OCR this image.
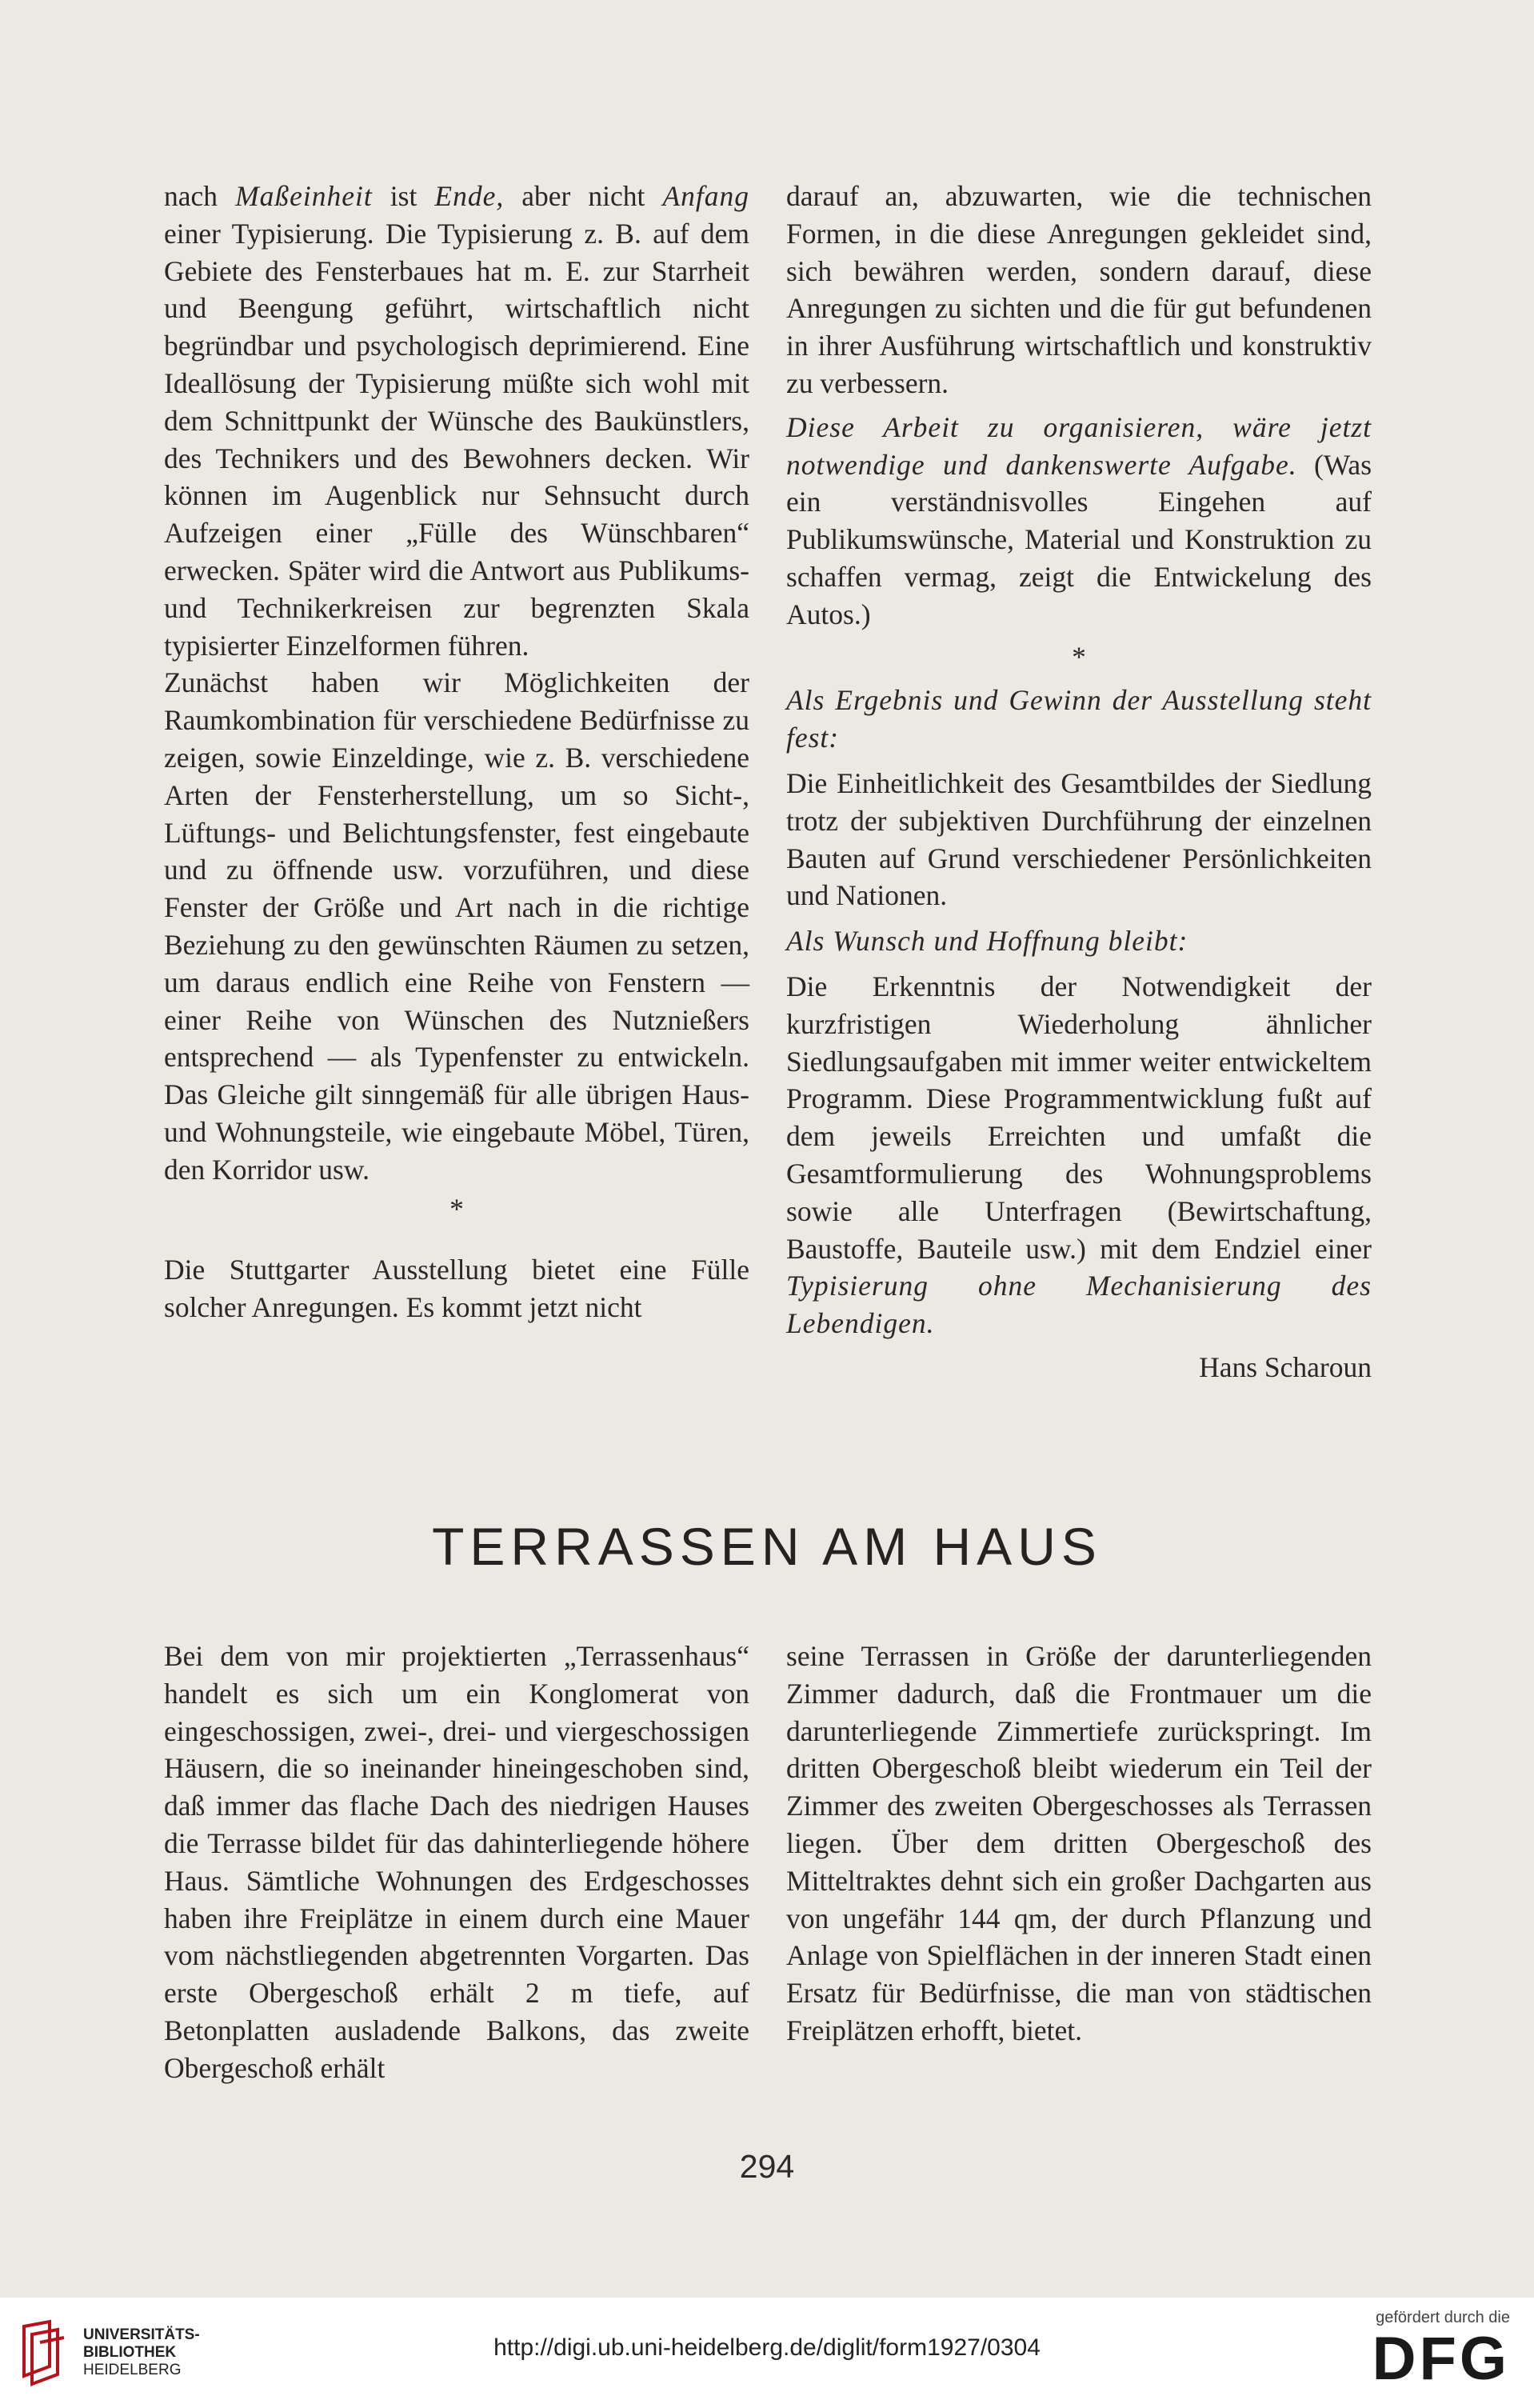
nach Maßeinheit ist Ende, aber nicht Anfang einer Typisierung. Die Typisierung z. B. auf dem Gebiete des Fensterbaues hat m. E. zur Starrheit und Beengung geführt, wirtschaftlich nicht begründbar und psychologisch deprimierend. Eine Ideallösung der Typisierung müßte sich wohl mit dem Schnittpunkt der Wünsche des Baukünstlers, des Technikers und des Bewohners decken. Wir können im Augenblick nur Sehnsucht durch Aufzeigen einer „Fülle des Wünschbaren“ erwecken. Später wird die Antwort aus Publikums- und Technikerkreisen zur begrenzten Skala typisierter Einzelformen führen.

Zunächst haben wir Möglichkeiten der Raumkombination für verschiedene Bedürfnisse zu zeigen, sowie Einzeldinge, wie z. B. verschiedene Arten der Fensterherstellung, um so Sicht-, Lüftungs- und Belichtungsfenster, fest eingebaute und zu öffnende usw. vorzuführen, und diese Fenster der Größe und Art nach in die richtige Beziehung zu den gewünschten Räumen zu setzen, um daraus endlich eine Reihe von Fenstern — einer Reihe von Wünschen des Nutznießers entsprechend — als Typenfenster zu entwickeln. Das Gleiche gilt sinngemäß für alle übrigen Haus- und Wohnungsteile, wie eingebaute Möbel, Türen, den Korridor usw.

*

Die Stuttgarter Ausstellung bietet eine Fülle solcher Anregungen. Es kommt jetzt nicht

darauf an, abzuwarten, wie die technischen Formen, in die diese Anregungen gekleidet sind, sich bewähren werden, sondern darauf, diese Anregungen zu sichten und die für gut befundenen in ihrer Ausführung wirtschaftlich und konstruktiv zu verbessern.

Diese Arbeit zu organisieren, wäre jetzt notwendige und dankenswerte Aufgabe. (Was ein verständnisvolles Eingehen auf Publikumswünsche, Material und Konstruktion zu schaffen vermag, zeigt die Entwickelung des Autos.)

*

Als Ergebnis und Gewinn der Ausstellung steht fest:

Die Einheitlichkeit des Gesamtbildes der Siedlung trotz der subjektiven Durchführung der einzelnen Bauten auf Grund verschiedener Persönlichkeiten und Nationen.

Als Wunsch und Hoffnung bleibt:

Die Erkenntnis der Notwendigkeit der kurzfristigen Wiederholung ähnlicher Siedlungsaufgaben mit immer weiter entwickeltem Programm. Diese Programmentwicklung fußt auf dem jeweils Erreichten und umfaßt die Gesamtformulierung des Wohnungsproblems sowie alle Unterfragen (Bewirtschaftung, Baustoffe, Bauteile usw.) mit dem Endziel einer Typisierung ohne Mechanisierung des Lebendigen.

Hans Scharoun

TERRASSEN AM HAUS

Bei dem von mir projektierten „Terrassenhaus“ handelt es sich um ein Konglomerat von eingeschossigen, zwei-, drei- und viergeschossigen Häusern, die so ineinander hineingeschoben sind, daß immer das flache Dach des niedrigen Hauses die Terrasse bildet für das dahinterliegende höhere Haus. Sämtliche Wohnungen des Erdgeschosses haben ihre Freiplätze in einem durch eine Mauer vom nächstliegenden abgetrennten Vorgarten. Das erste Obergeschoß erhält 2 m tiefe, auf Betonplatten ausladende Balkons, das zweite Obergeschoß erhält

seine Terrassen in Größe der darunterliegenden Zimmer dadurch, daß die Frontmauer um die darunterliegende Zimmertiefe zurückspringt. Im dritten Obergeschoß bleibt wiederum ein Teil der Zimmer des zweiten Obergeschosses als Terrassen liegen. Über dem dritten Obergeschoß des Mitteltraktes dehnt sich ein großer Dachgarten aus von ungefähr 144 qm, der durch Pflanzung und Anlage von Spielflächen in der inneren Stadt einen Ersatz für Bedürfnisse, die man von städtischen Freiplätzen erhofft, bietet.

294
UNIVERSITÄTS-
BIBLIOTHEK
HEIDELBERG
http://digi.ub.uni-heidelberg.de/diglit/form1927/0304
gefördert durch die
DFG
